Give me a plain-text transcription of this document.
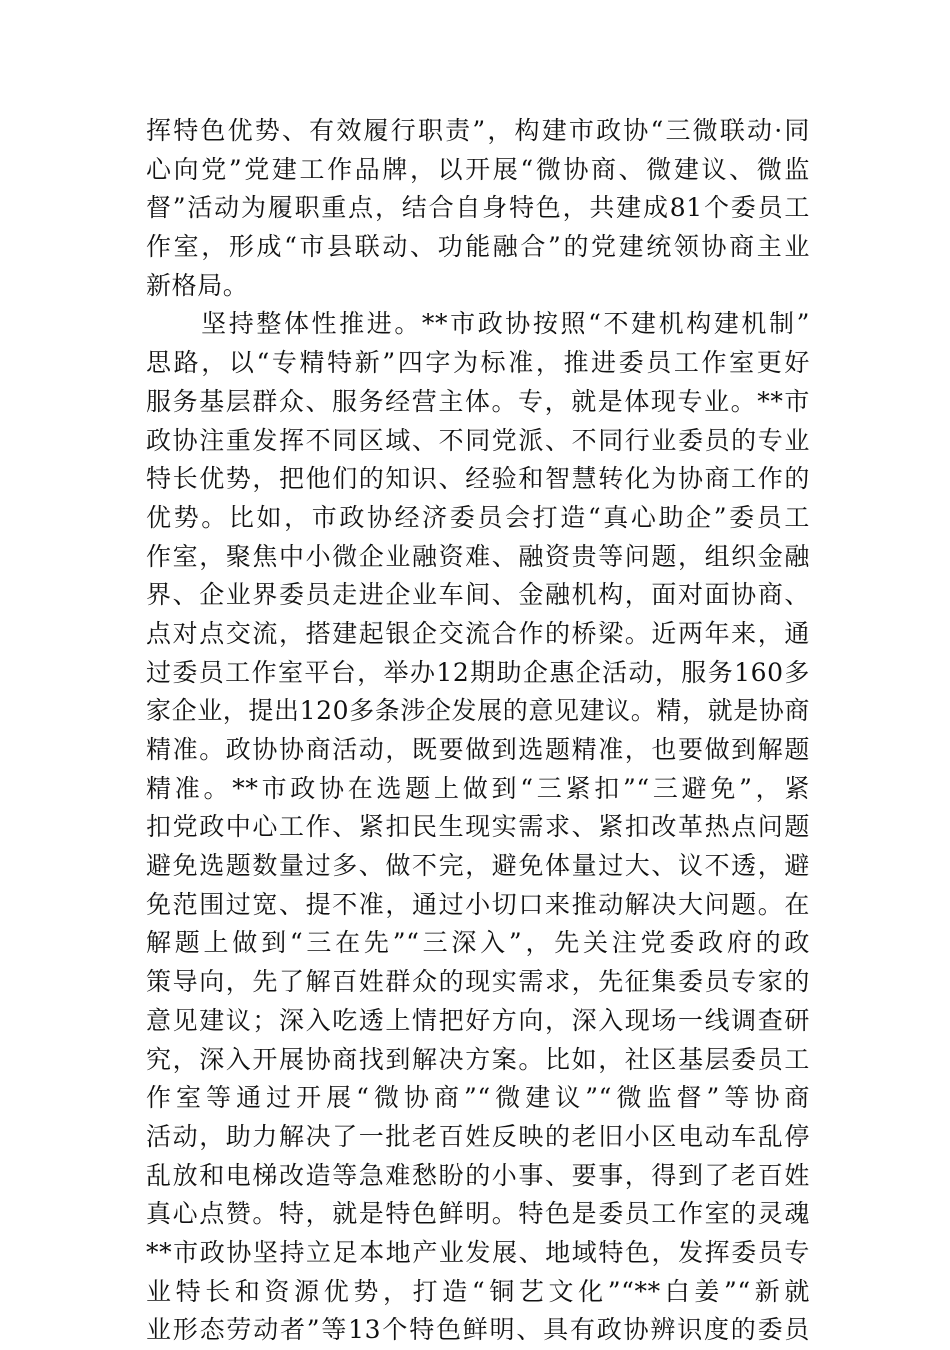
挥特色优势、有效履行职责”，构建市政协“三微联动·同
心向党”党建工作品牌，以开展“微协商、微建议、微监
督”活动为履职重点，结合自身特色，共建成81个委员工
作室，形成“市县联动、功能融合”的党建统领协商主业
新格局。
　　坚持整体性推进。**市政协按照“不建机构建机制”
思路，以“专精特新”四字为标准，推进委员工作室更好
服务基层群众、服务经营主体。专，就是体现专业。**市
政协注重发挥不同区域、不同党派、不同行业委员的专业
特长优势，把他们的知识、经验和智慧转化为协商工作的
优势。比如，市政协经济委员会打造“真心助企”委员工
作室，聚焦中小微企业融资难、融资贵等问题，组织金融
界、企业界委员走进企业车间、金融机构，面对面协商、
点对点交流，搭建起银企交流合作的桥梁。近两年来，通
过委员工作室平台，举办12期助企惠企活动，服务160多
家企业，提出120多条涉企发展的意见建议。精，就是协商
精准。政协协商活动，既要做到选题精准，也要做到解题
精准。**市政协在选题上做到“三紧扣”“三避免”，紧
扣党政中心工作、紧扣民生现实需求、紧扣改革热点问题
避免选题数量过多、做不完，避免体量过大、议不透，避
免范围过宽、提不准，通过小切口来推动解决大问题。在
解题上做到“三在先”“三深入”，先关注党委政府的政
策导向，先了解百姓群众的现实需求，先征集委员专家的
意见建议；深入吃透上情把好方向，深入现场一线调查研
究，深入开展协商找到解决方案。比如，社区基层委员工
作室等通过开展“微协商”“微建议”“微监督”等协商
活动，助力解决了一批老百姓反映的老旧小区电动车乱停
乱放和电梯改造等急难愁盼的小事、要事，得到了老百姓
真心点赞。特，就是特色鲜明。特色是委员工作室的灵魂
**市政协坚持立足本地产业发展、地域特色，发挥委员专
业特长和资源优势，打造“铜艺文化”“**白姜”“新就
业形态劳动者”等13个特色鲜明、具有政协辨识度的委员
